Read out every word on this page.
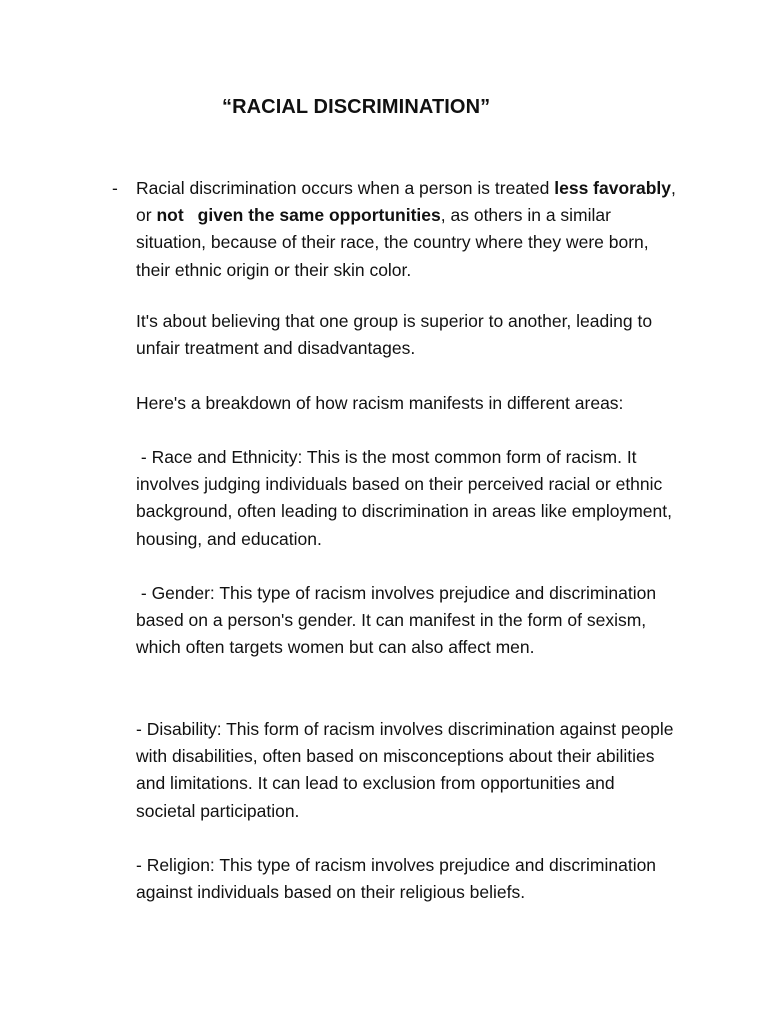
“RACIAL DISCRIMINATION”
- Racial discrimination occurs when a person is treated less favorably, or not given the same opportunities, as others in a similar situation, because of their race, the country where they were born, their ethnic origin or their skin color.

It's about believing that one group is superior to another, leading to unfair treatment and disadvantages.

Here's a breakdown of how racism manifests in different areas:

- Race and Ethnicity: This is the most common form of racism. It involves judging individuals based on their perceived racial or ethnic background, often leading to discrimination in areas like employment, housing, and education.

- Gender: This type of racism involves prejudice and discrimination based on a person's gender. It can manifest in the form of sexism, which often targets women but can also affect men.

- Disability: This form of racism involves discrimination against people with disabilities, often based on misconceptions about their abilities and limitations. It can lead to exclusion from opportunities and societal participation.

- Religion: This type of racism involves prejudice and discrimination against individuals based on their religious beliefs.
